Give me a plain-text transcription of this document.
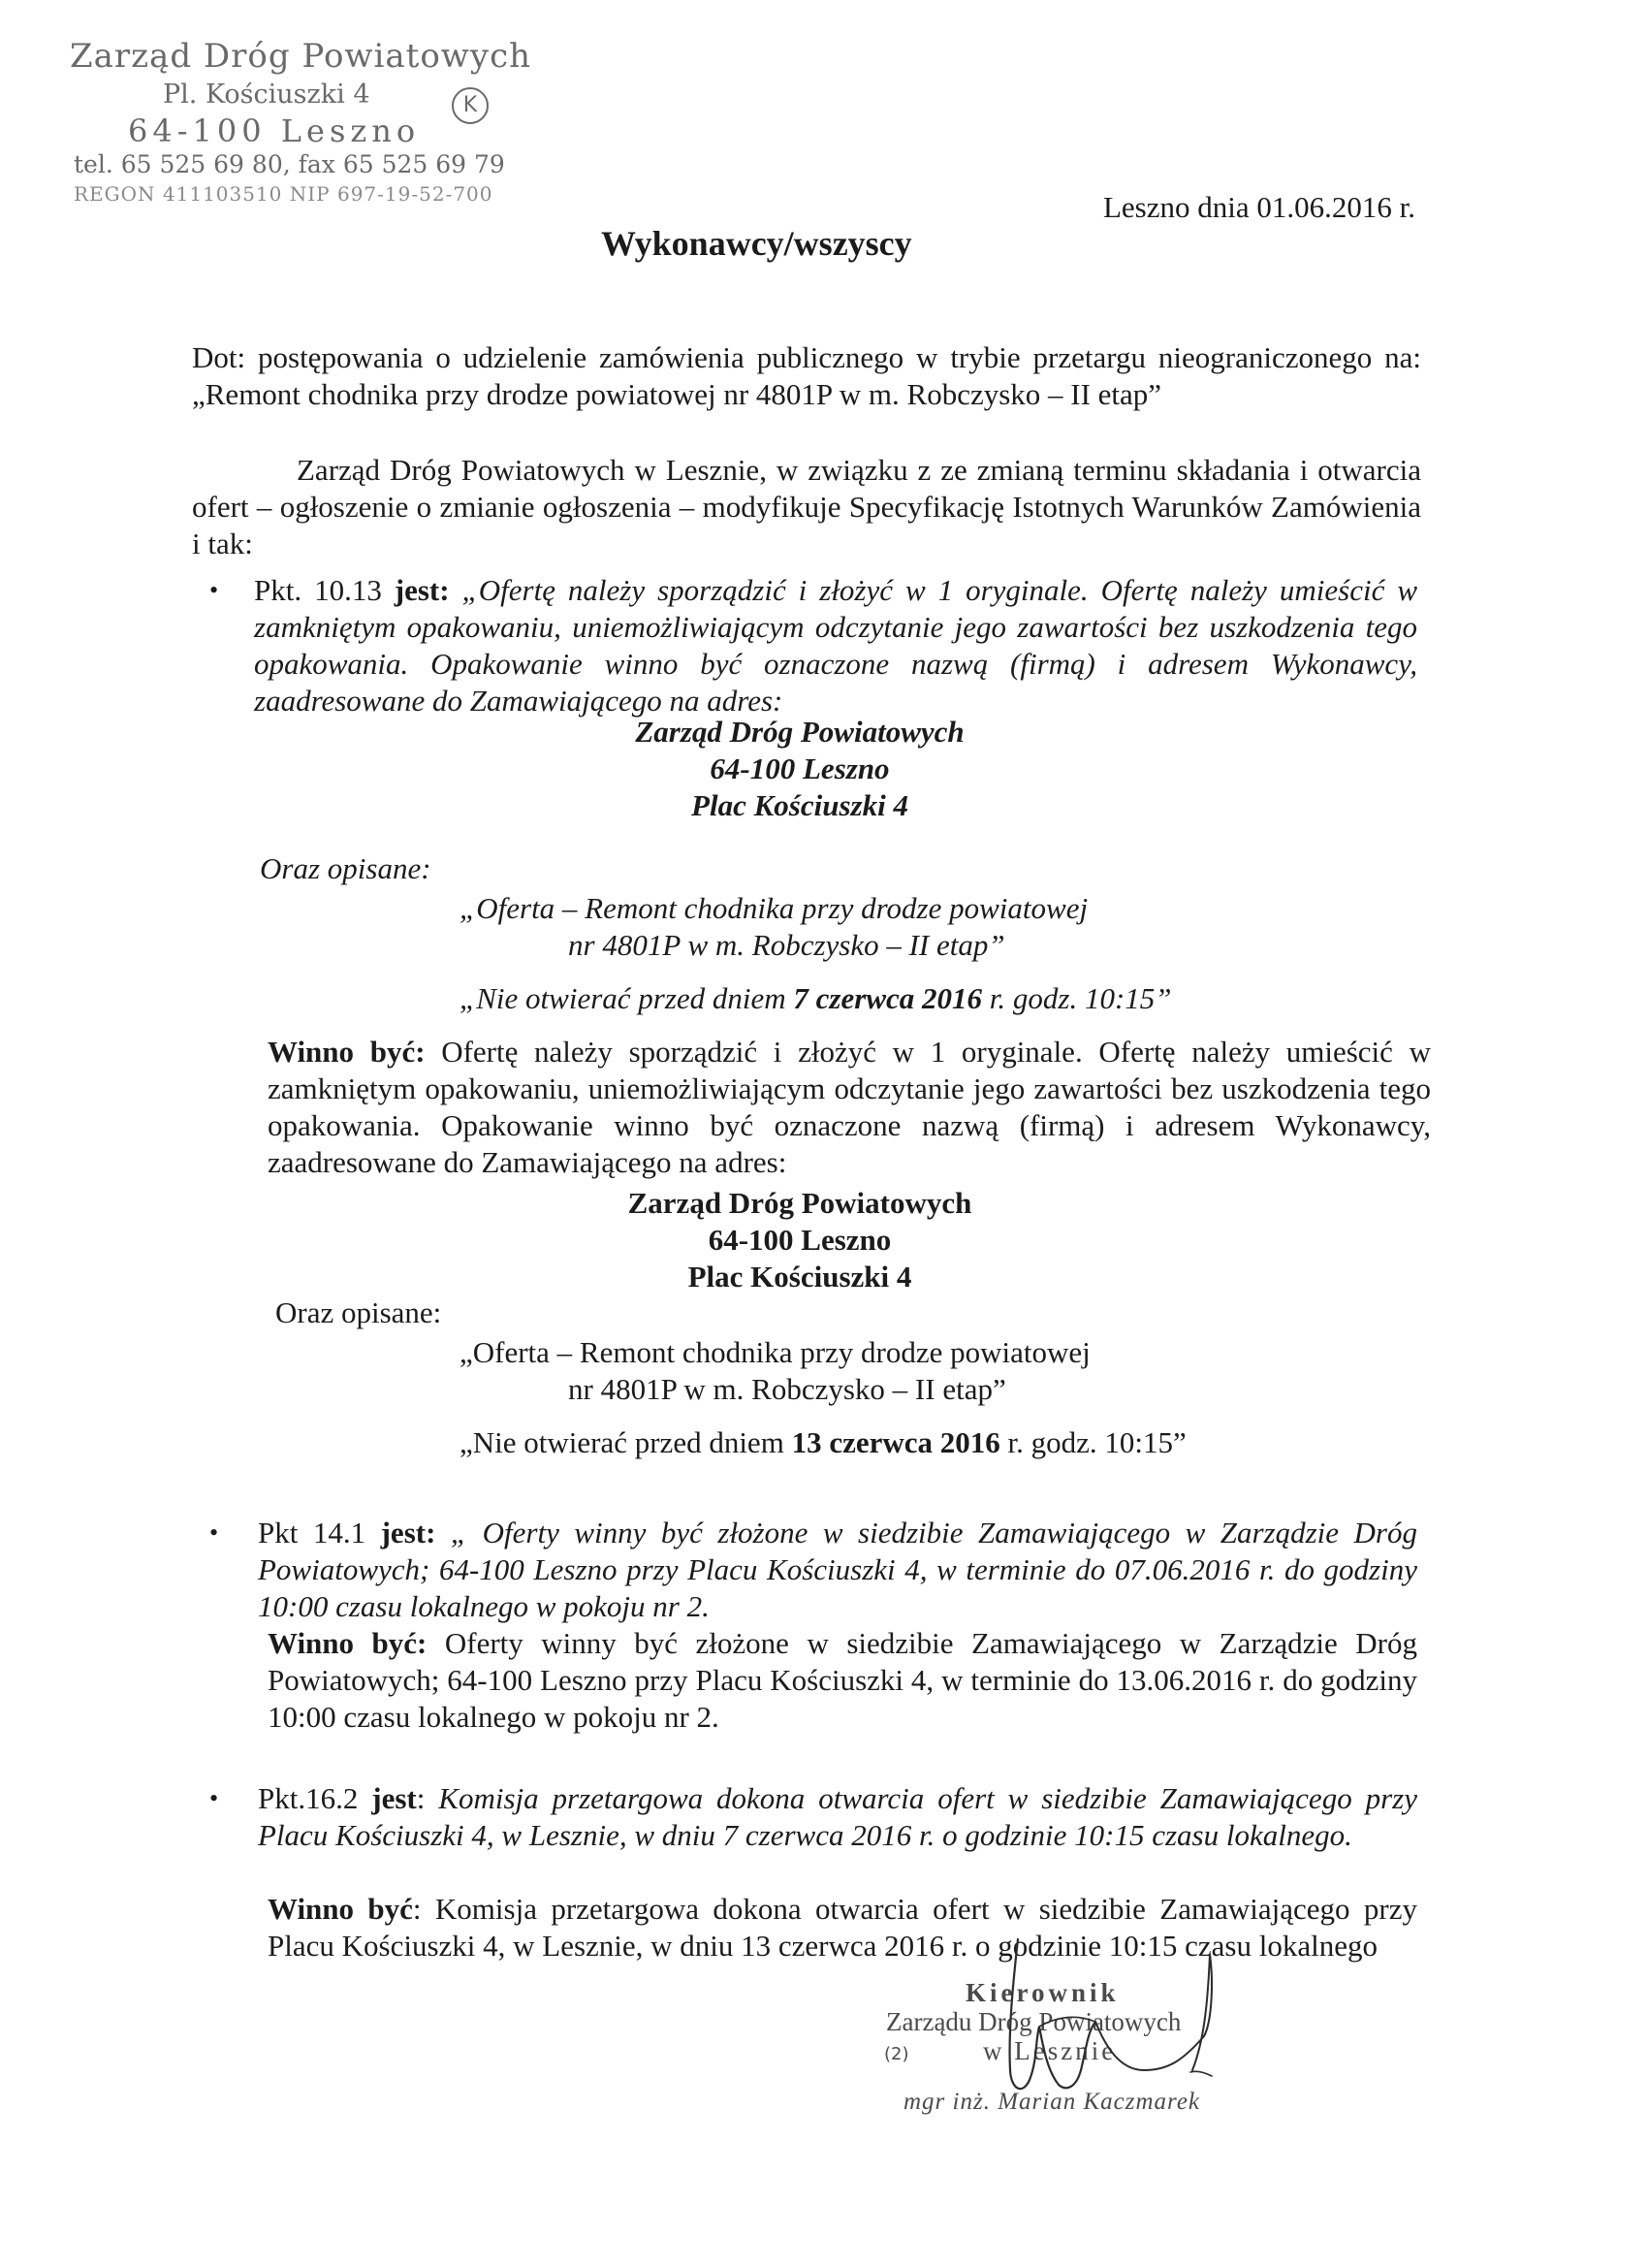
Zarząd Dróg Powiatowych
Pl. Kościuszki 4
64-100 Leszno
tel. 65 525 69 80, fax 65 525 69 79
REGON 411103510 NIP 697-19-52-700
K
Leszno dnia 01.06.2016 r.
Wykonawcy/wszyscy
Dot: postępowania o udzielenie zamówienia publicznego w trybie przetargu nieograniczonego na: „Remont chodnika przy drodze powiatowej nr 4801P w m. Robczysko – II etap”

Zarząd Dróg Powiatowych w Lesznie, w związku z ze zmianą terminu składania i otwarcia ofert – ogłoszenie o zmianie ogłoszenia – modyfikuje Specyfikację Istotnych Warunków Zamówienia i tak:

• Pkt. 10.13 jest: „Ofertę należy sporządzić i złożyć w 1 oryginale. Ofertę należy umieścić w zamkniętym opakowaniu, uniemożliwiającym odczytanie jego zawartości bez uszkodzenia tego opakowania. Opakowanie winno być oznaczone nazwą (firmą) i adresem Wykonawcy, zaadresowane do Zamawiającego na adres:
Zarząd Dróg Powiatowych
64-100 Leszno
Plac Kościuszki 4
Oraz opisane:
„Oferta – Remont chodnika przy drodze powiatowej
nr 4801P w m. Robczysko – II etap”
„Nie otwierać przed dniem 7 czerwca 2016 r. godz. 10:15”
Winno być: Ofertę należy sporządzić i złożyć w 1 oryginale. Ofertę należy umieścić w zamkniętym opakowaniu, uniemożliwiającym odczytanie jego zawartości bez uszkodzenia tego opakowania. Opakowanie winno być oznaczone nazwą (firmą) i adresem Wykonawcy, zaadresowane do Zamawiającego na adres:
Zarząd Dróg Powiatowych
64-100 Leszno
Plac Kościuszki 4
Oraz opisane:
„Oferta – Remont chodnika przy drodze powiatowej
nr 4801P w m. Robczysko – II etap”
„Nie otwierać przed dniem 13 czerwca 2016 r. godz. 10:15”
• Pkt 14.1 jest: „ Oferty winny być złożone w siedzibie Zamawiającego w Zarządzie Dróg Powiatowych; 64-100 Leszno przy Placu Kościuszki 4, w terminie do 07.06.2016 r. do godziny 10:00 czasu lokalnego w pokoju nr 2.
Winno być: Oferty winny być złożone w siedzibie Zamawiającego w Zarządzie Dróg Powiatowych; 64-100 Leszno przy Placu Kościuszki 4, w terminie do 13.06.2016 r. do godziny 10:00 czasu lokalnego w pokoju nr 2.
• Pkt.16.2 jest: Komisja przetargowa dokona otwarcia ofert w siedzibie Zamawiającego przy Placu Kościuszki 4, w Lesznie, w dniu 7 czerwca 2016 r. o godzinie 10:15 czasu lokalnego.
Winno być: Komisja przetargowa dokona otwarcia ofert w siedzibie Zamawiającego przy Placu Kościuszki 4, w Lesznie, w dniu 13 czerwca 2016 r. o godzinie 10:15 czasu lokalnego
Kierownik
Zarządu Dróg Powiatowych
(2)	w Lesznie
mgr inż. Marian Kaczmarek
